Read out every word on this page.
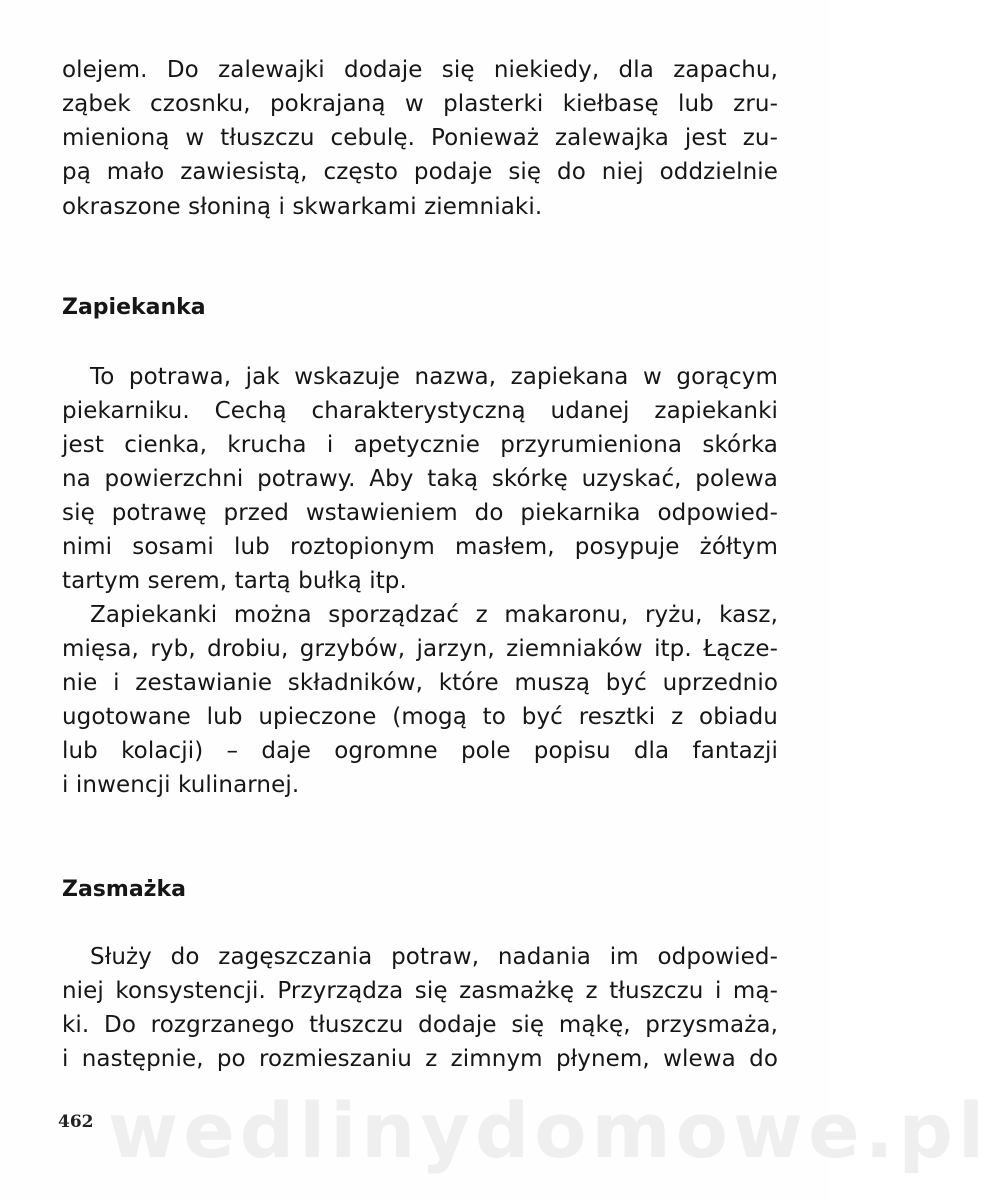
olejem. Do zalewajki dodaje się niekiedy, dla zapachu,

ząbek czosnku, pokrajaną w plasterki kiełbasę lub zru-

mienioną w tłuszczu cebulę. Ponieważ zalewajka jest zu-

pą mało zawiesistą, często podaje się do niej oddzielnie

okraszone słoniną i skwarkami ziemniaki.

Zapiekanka

To potrawa, jak wskazuje nazwa, zapiekana w gorącym

piekarniku. Cechą charakterystyczną udanej zapiekanki

jest cienka, krucha i apetycznie przyrumieniona skórka

na powierzchni potrawy. Aby taką skórkę uzyskać, polewa

się potrawę przed wstawieniem do piekarnika odpowied-

nimi sosami lub roztopionym masłem, posypuje żółtym

tartym serem, tartą bułką itp.

Zapiekanki można sporządzać z makaronu, ryżu, kasz,

mięsa, ryb, drobiu, grzybów, jarzyn, ziemniaków itp. Łącze-

nie i zestawianie składników, które muszą być uprzednio

ugotowane lub upieczone (mogą to być resztki z obiadu

lub kolacji) – daje ogromne pole popisu dla fantazji

i inwencji kulinarnej.

Zasmażka

Służy do zagęszczania potraw, nadania im odpowied-

niej konsystencji. Przyrządza się zasmażkę z tłuszczu i mą-

ki. Do rozgrzanego tłuszczu dodaje się mąkę, przysmaża,

i następnie, po rozmieszaniu z zimnym płynem, wlewa do

wedlinydomowe.pl

462
